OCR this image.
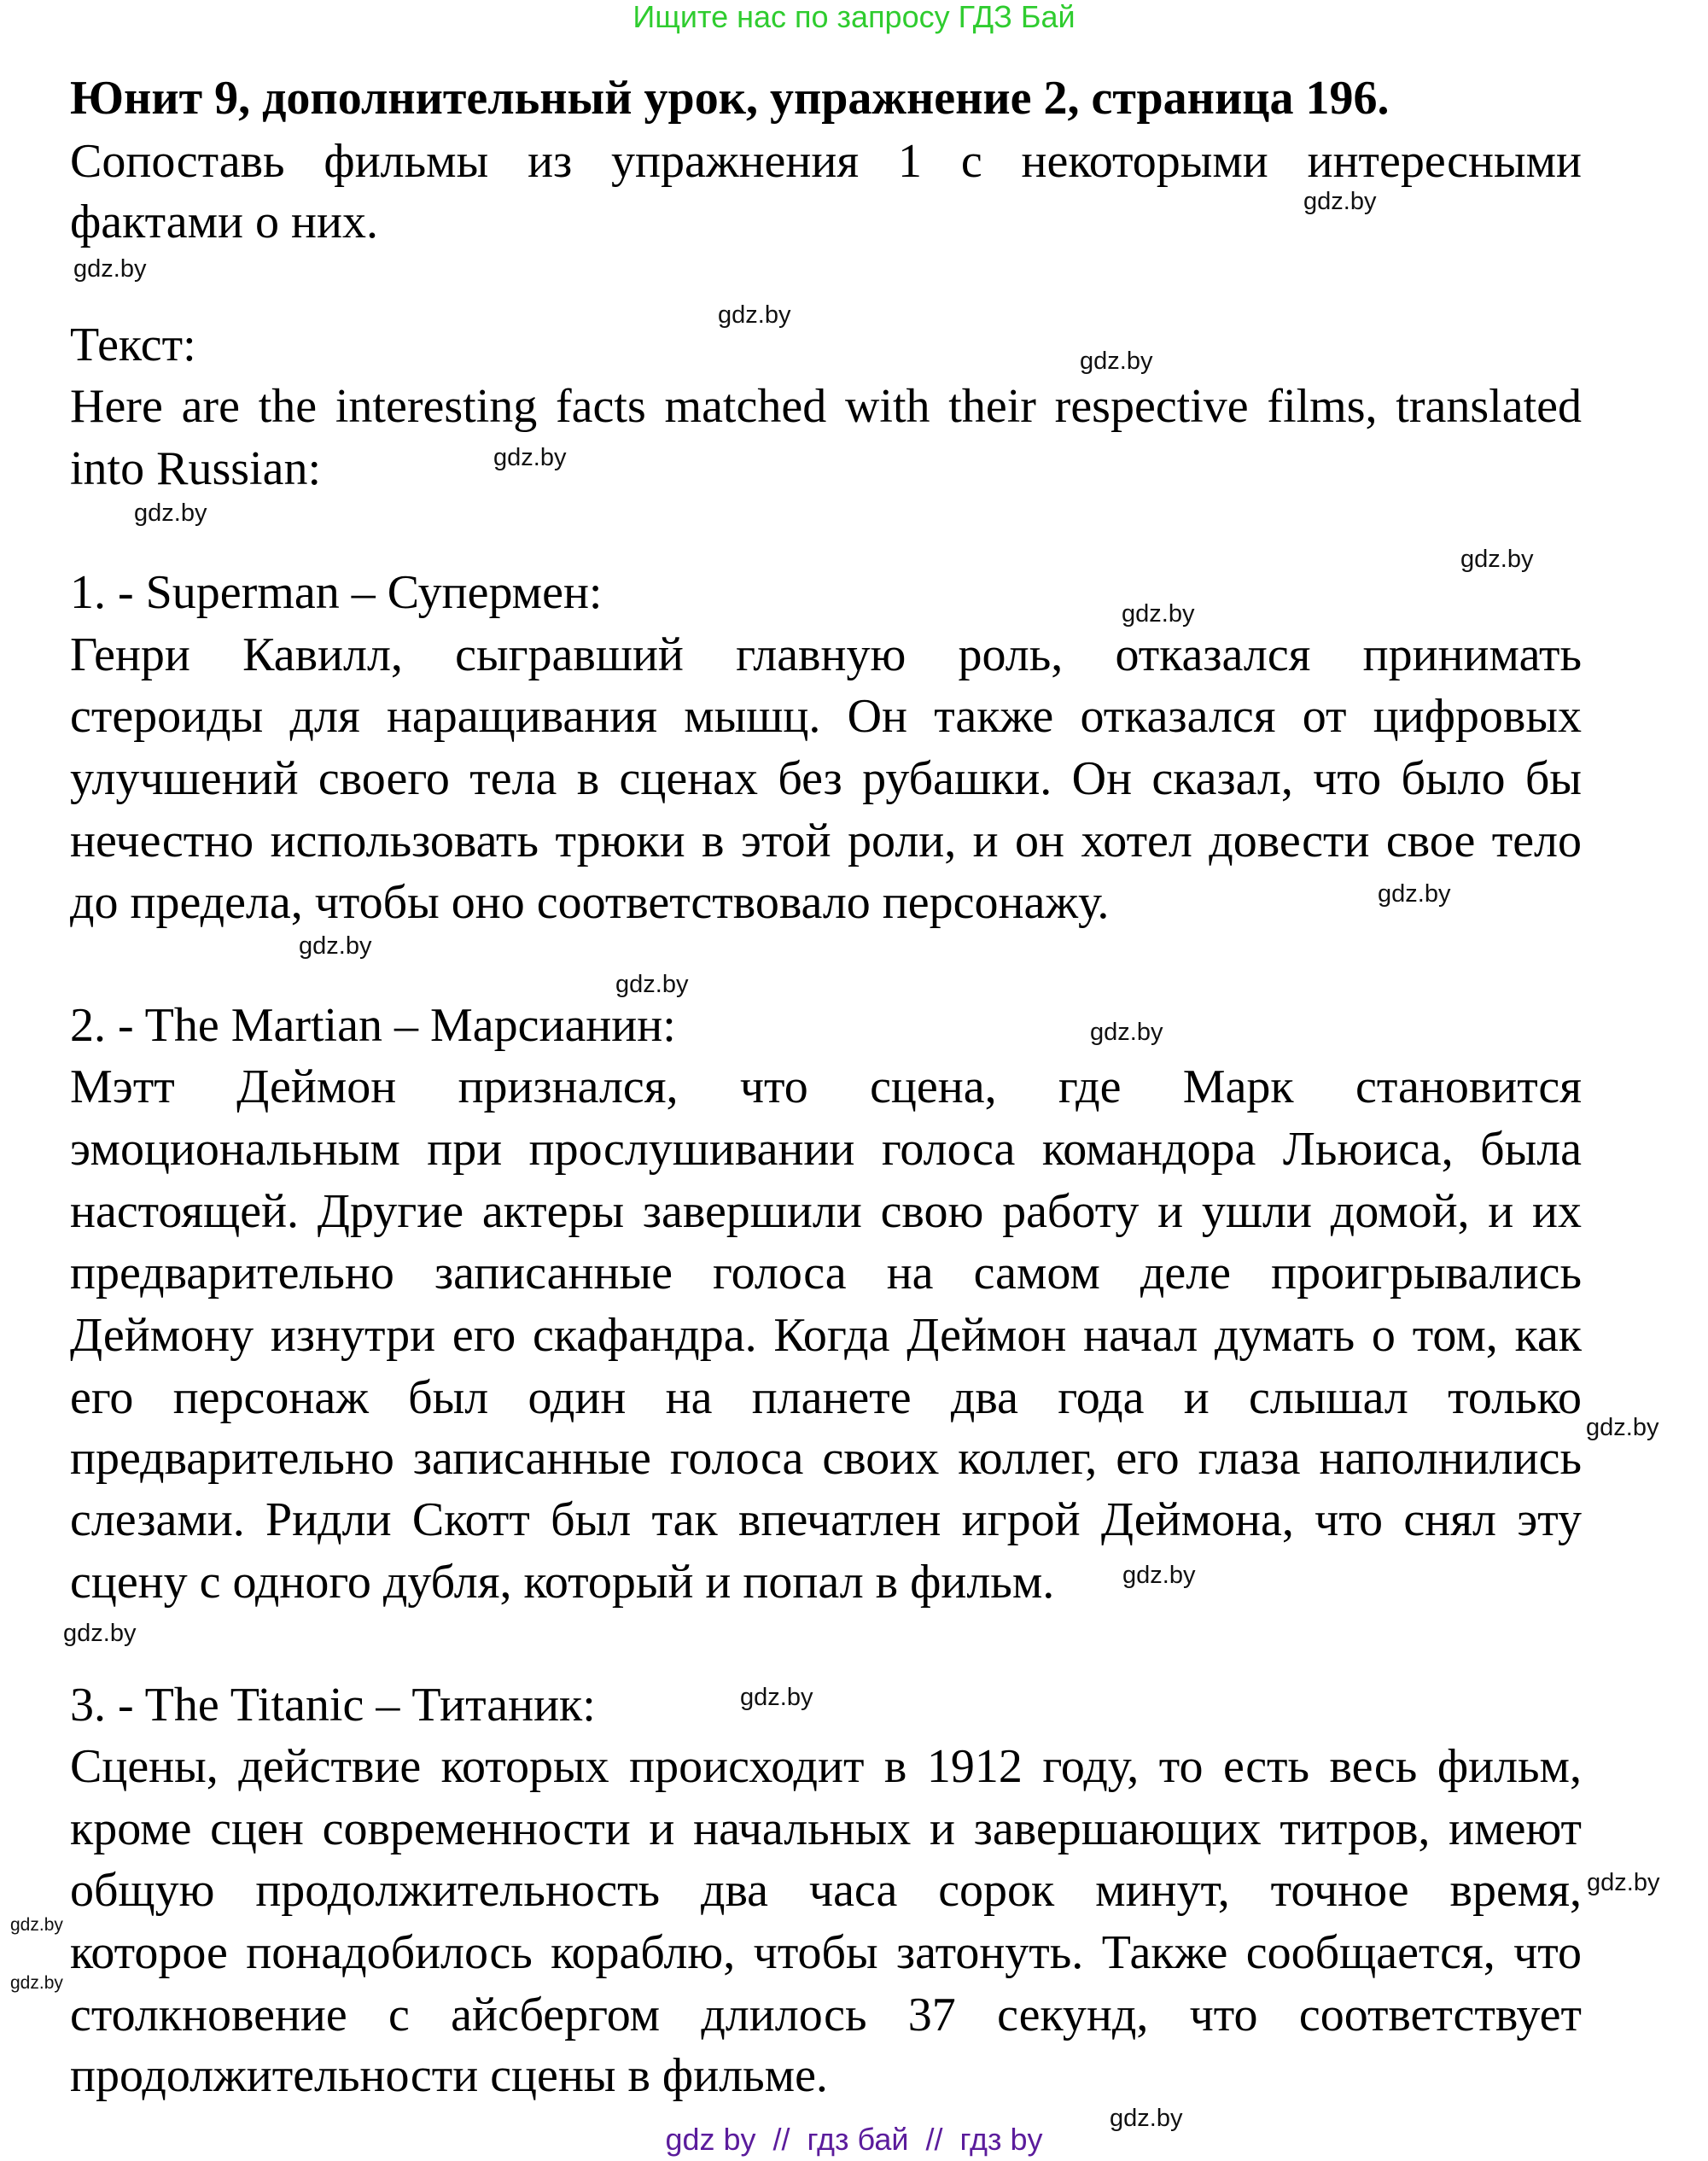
Ищите нас по запросу ГДЗ Бай
Юнит 9, дополнительный урок, упражнение 2, страница 196.
Сопоставь фильмы из упражнения 1 с некоторыми интересными
фактами о них.
Текст:
Here are the interesting facts matched with their respective films, translated
into Russian:
1. - Superman – Супермен:
Генри Кавилл, сыгравший главную роль, отказался принимать
стероиды для наращивания мышц. Он также отказался от цифровых
улучшений своего тела в сценах без рубашки. Он сказал, что было бы
нечестно использовать трюки в этой роли, и он хотел довести свое тело
до предела, чтобы оно соответствовало персонажу.
2. - The Martian – Марсианин:
Мэтт Деймон признался, что сцена, где Марк становится
эмоциональным при прослушивании голоса командора Льюиса, была
настоящей. Другие актеры завершили свою работу и ушли домой, и их
предварительно записанные голоса на самом деле проигрывались
Деймону изнутри его скафандра. Когда Деймон начал думать о том, как
его персонаж был один на планете два года и слышал только
предварительно записанные голоса своих коллег, его глаза наполнились
слезами. Ридли Скотт был так впечатлен игрой Деймона, что снял эту
сцену с одного дубля, который и попал в фильм.
3. - The Titanic – Титаник:
Сцены, действие которых происходит в 1912 году, то есть весь фильм,
кроме сцен современности и начальных и завершающих титров, имеют
общую продолжительность два часа сорок минут, точное время,
которое понадобилось кораблю, чтобы затонуть. Также сообщается, что
столкновение с айсбергом длилось 37 секунд, что соответствует
продолжительности сцены в фильме.
gdz.by
gdz.by
gdz.by
gdz.by
gdz.by
gdz.by
gdz.by
gdz.by
gdz.by
gdz.by
gdz.by
gdz.by
gdz.by
gdz.by
gdz.by
gdz.by
gdz.by
gdz.by
gdz.by
gdz.by
gdz by  //  гдз бай  //  гдз by
